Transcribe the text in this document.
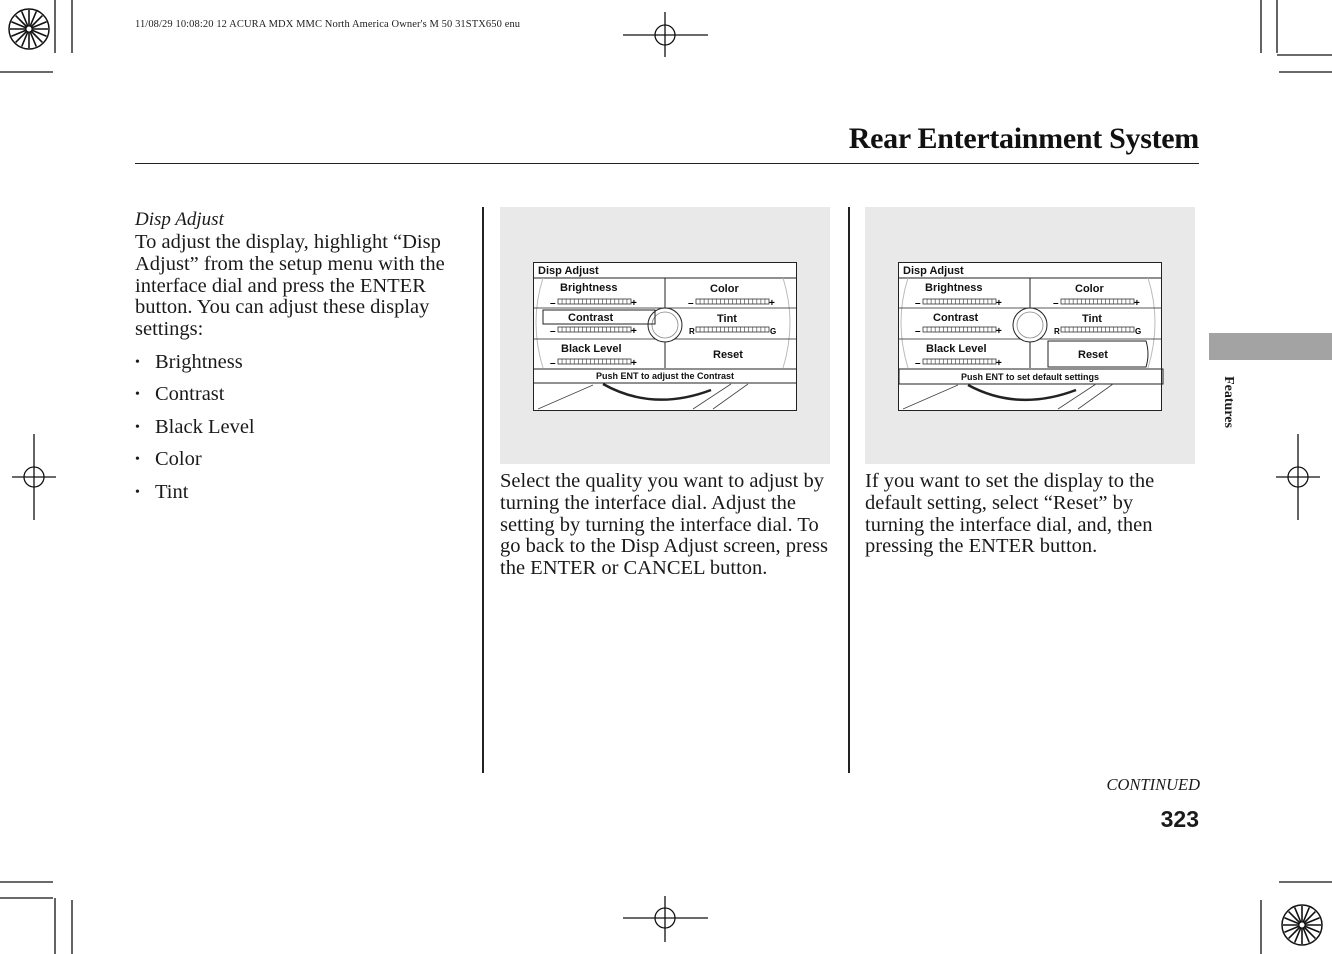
11/08/29 10:08:20 12 ACURA MDX MMC North America Owner's M 50 31STX650 enu
Rear Entertainment System
Features
Disp Adjust
To adjust the display, highlight “Disp Adjust” from the setup menu with the interface dial and press the ENTER button. You can adjust these display settings:
• Brightness
• Contrast
• Black Level
• Color
• Tint
Disp Adjust
Brightness
–	+
Contrast
–	+
Black Level
–	+
Color
–	+
Tint
R	G
Reset
Push ENT to adjust the Contrast
Select the quality you want to adjust by turning the interface dial. Adjust the setting by turning the interface dial. To go back to the Disp Adjust screen, press the ENTER or CANCEL button.
Disp Adjust
Brightness
–	+
Contrast
–	+
Black Level
–	+
Color
–	+
Tint
R	G
Reset
Push ENT to set default settings
If you want to set the display to the default setting, select “Reset” by turning the interface dial, and, then pressing the ENTER button.
CONTINUED
323
